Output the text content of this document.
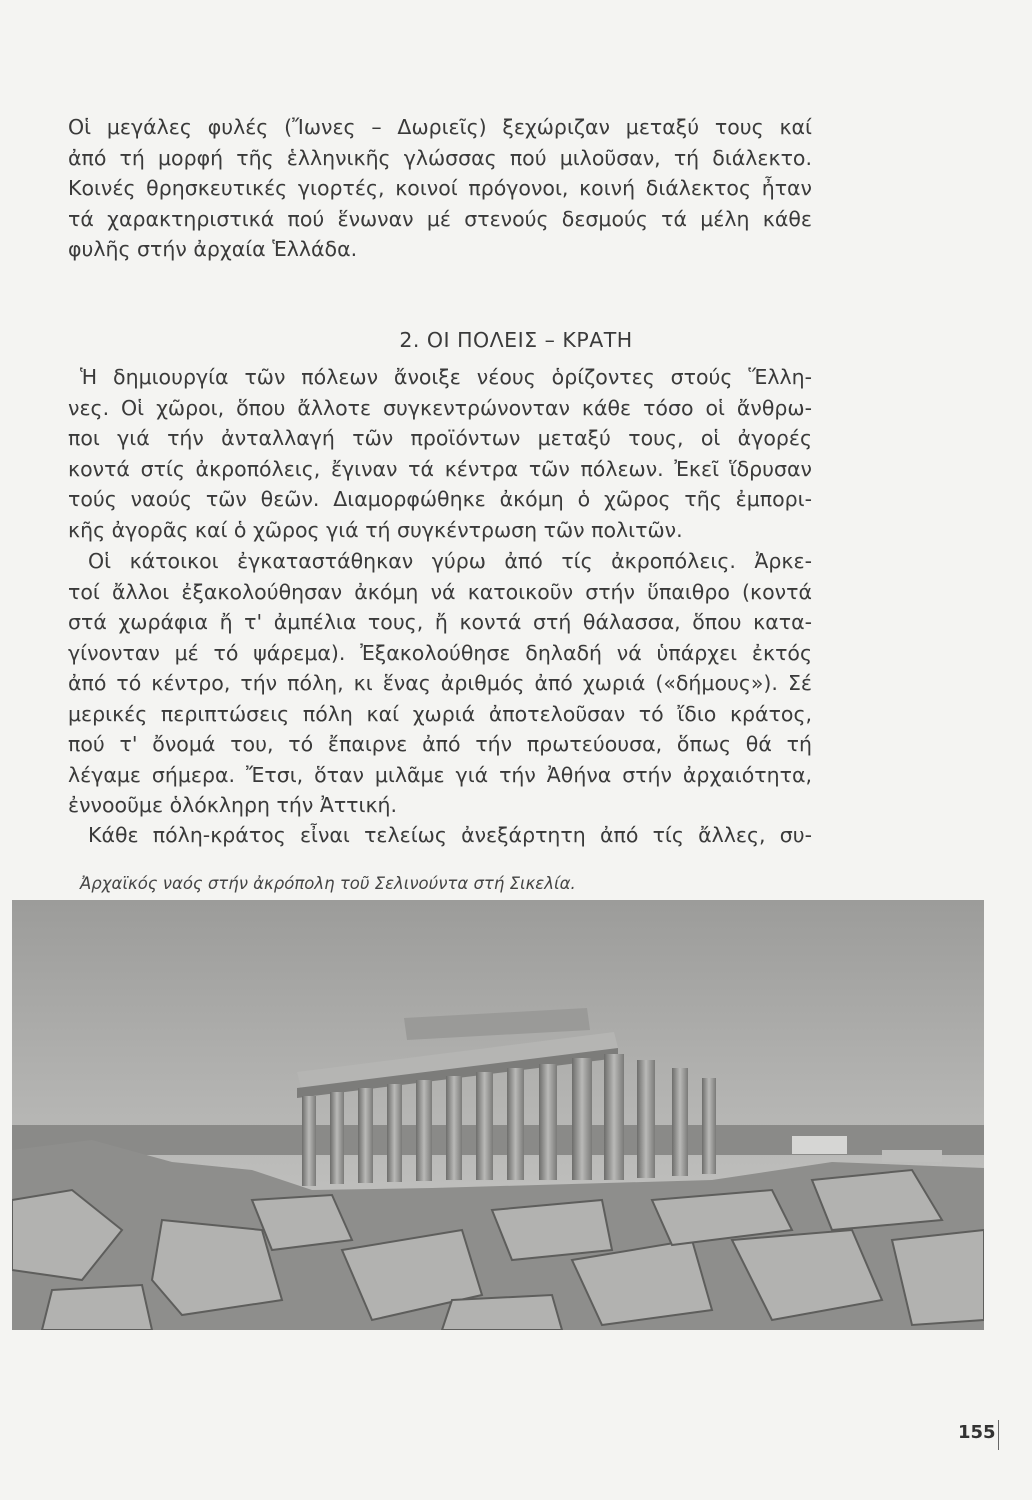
Οἱ μεγάλες φυλές (Ἴωνες – Δωριεῖς) ξεχώριζαν μεταξύ τους καί
ἀπό τή μορφή τῆς ἑλληνικῆς γλώσσας πού μιλοῦσαν, τή διάλεκτο.
Κοινές θρησκευτικές γιορτές, κοινοί πρόγονοι, κοινή διάλεκτος ἦταν
τά χαρακτηριστικά πού ἕνωναν μέ στενούς δεσμούς τά μέλη κάθε
φυλῆς στήν ἀρχαία Ἑλλάδα.
2. ΟΙ ΠΟΛΕΙΣ – ΚΡΑΤΗ
Ἡ δημιουργία τῶν πόλεων ἄνοιξε νέους ὁρίζοντες στούς Ἕλλη-
νες. Οἱ χῶροι, ὅπου ἄλλοτε συγκεντρώνονταν κάθε τόσο οἱ ἄνθρω-
ποι γιά τήν ἀνταλλαγή τῶν προϊόντων μεταξύ τους, οἱ ἀγορές
κοντά στίς ἀκροπόλεις, ἔγιναν τά κέντρα τῶν πόλεων. Ἐκεῖ ἵδρυσαν
τούς ναούς τῶν θεῶν. Διαμορφώθηκε ἀκόμη ὁ χῶρος τῆς ἐμπορι-
κῆς ἀγορᾶς καί ὁ χῶρος γιά τή συγκέντρωση τῶν πολιτῶν.
Οἱ κάτοικοι ἐγκαταστάθηκαν γύρω ἀπό τίς ἀκροπόλεις. Ἀρκε-
τοί ἄλλοι ἐξακολούθησαν ἀκόμη νά κατοικοῦν στήν ὕπαιθρο (κοντά
στά χωράφια ἤ τ' ἀμπέλια τους, ἤ κοντά στή θάλασσα, ὅπου κατα-
γίνονταν μέ τό ψάρεμα). Ἐξακολούθησε δηλαδή νά ὑπάρχει ἐκτός
ἀπό τό κέντρο, τήν πόλη, κι ἕνας ἀριθμός ἀπό χωριά («δήμους»). Σέ
μερικές περιπτώσεις πόλη καί χωριά ἀποτελοῦσαν τό ἴδιο κράτος,
πού τ' ὄνομά του, τό ἔπαιρνε ἀπό τήν πρωτεύουσα, ὅπως θά τή
λέγαμε σήμερα. Ἔτσι, ὅταν μιλᾶμε γιά τήν Ἀθήνα στήν ἀρχαιότητα,
ἐννοοῦμε ὁλόκληρη τήν Ἀττική.
Κάθε πόλη-κράτος εἶναι τελείως ἀνεξάρτητη ἀπό τίς ἄλλες, συ-
Ἀρχαϊκός ναός στήν ἀκρόπολη τοῦ Σελινούντα στή Σικελία.
155
